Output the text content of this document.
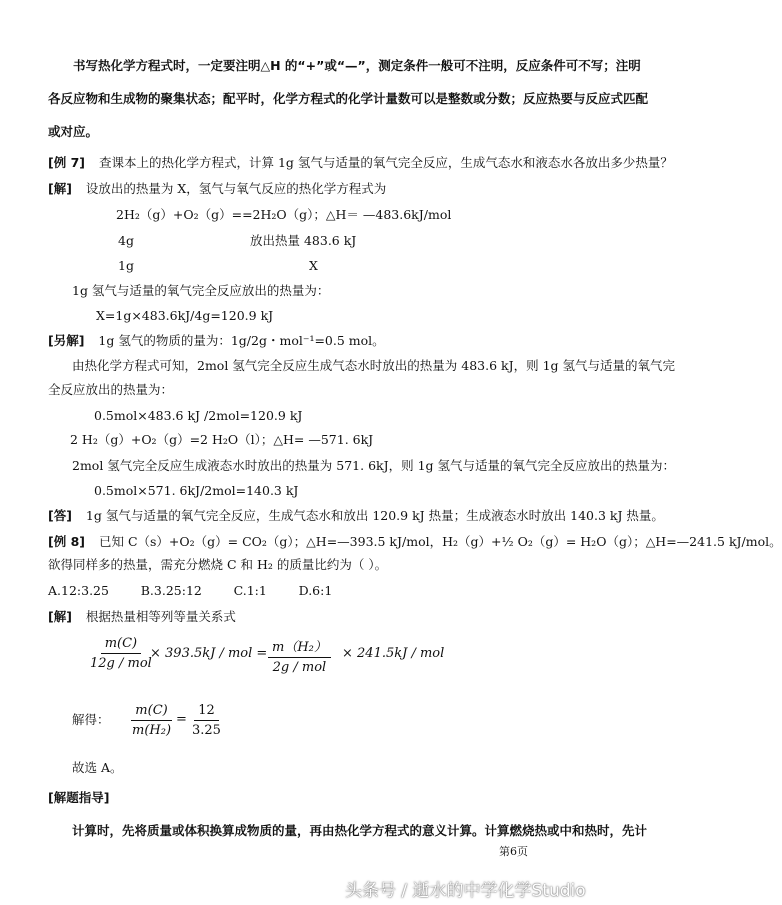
书写热化学方程式时，一定要注明△H 的“+”或“—”，测定条件一般可不注明，反应条件可不写；注明
各反应物和生成物的聚集状态；配平时，化学方程式的化学计量数可以是整数或分数；反应热要与反应式匹配
或对应。
[例 7] 查课本上的热化学方程式，计算 1g 氢气与适量的氧气完全反应，生成气态水和液态水各放出多少热量？
[解] 设放出的热量为 X，氢气与氧气反应的热化学方程式为
2H₂（g）+O₂（g）==2H₂O（g）；△H＝ —483.6kJ/mol
4g	放出热量 483.6 kJ
1g	X
1g 氢气与适量的氧气完全反应放出的热量为：
X=1g×483.6kJ/4g=120.9 kJ
[另解] 1g 氢气的物质的量为：1g/2g・mol⁻¹=0.5 mol。
由热化学方程式可知，2mol 氢气完全反应生成气态水时放出的热量为 483.6 kJ，则 1g 氢气与适量的氧气完
全反应放出的热量为：
0.5mol×483.6 kJ /2mol=120.9 kJ
2 H₂（g）+O₂（g）=2 H₂O（l）；△H= —571. 6kJ
2mol 氢气完全反应生成液态水时放出的热量为 571. 6kJ，则 1g 氢气与适量的氧气完全反应放出的热量为：
0.5mol×571. 6kJ/2mol=140.3 kJ
[答] 1g 氢气与适量的氧气完全反应，生成气态水和放出 120.9 kJ 热量；生成液态水时放出 140.3 kJ 热量。
[例 8] 已知 C（s）+O₂（g）= CO₂（g）；△H=—393.5 kJ/mol，H₂（g）+½ O₂（g）= H₂O（g）；△H=—241.5 kJ/mol。
欲得同样多的热量，需充分燃烧 C 和 H₂ 的质量比约为（ ）。
A.12:3.25        B.3.25:12        C.1:1        D.6:1
[解] 根据热量相等列等量关系式
m(C)
12g / mol
× 393.5kJ / mol = m（H₂）
2g / mol
× 241.5kJ / mol
解得： $\frac{m(C)}{\text{m(H₂)}} = \frac{12}{3.25}$
故选 A。
[解题指导]
计算时，先将质量或体积换算成物质的量，再由热化学方程式的意义计算。计算燃烧热或中和热时，先计
第6页
头条号 / 逝水的中学化学Studio
